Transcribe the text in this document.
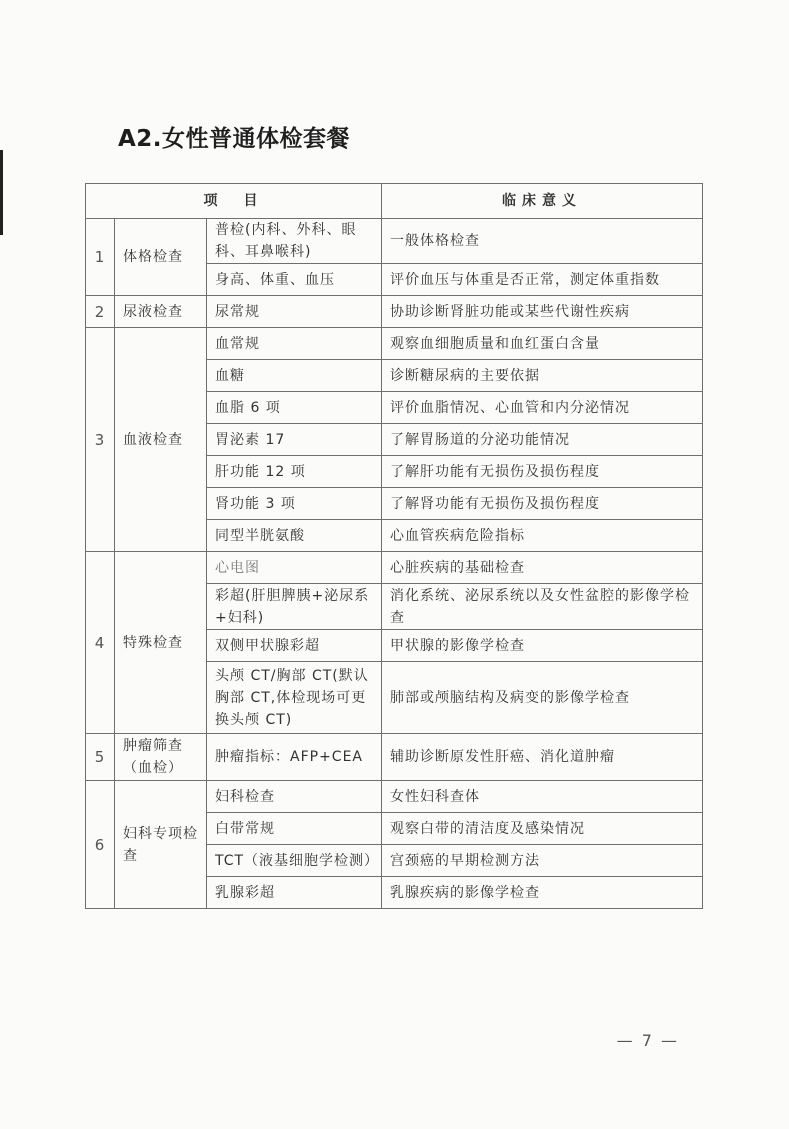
A2.女性普通体检套餐
项　目			临床意义
1	体格检查	普检(内科、外科、眼科、耳鼻喉科)	一般体格检查
		身高、体重、血压	评价血压与体重是否正常，测定体重指数
2	尿液检查	尿常规	协助诊断肾脏功能或某些代谢性疾病
3	血液检查	血常规	观察血细胞质量和血红蛋白含量
		血糖	诊断糖尿病的主要依据
		血脂 6 项	评价血脂情况、心血管和内分泌情况
		胃泌素 17	了解胃肠道的分泌功能情况
		肝功能 12 项	了解肝功能有无损伤及损伤程度
		肾功能 3 项	了解肾功能有无损伤及损伤程度
		同型半胱氨酸	心血管疾病危险指标
4	特殊检查	心电图	心脏疾病的基础检查
		彩超(肝胆脾胰+泌尿系+妇科)	消化系统、泌尿系统以及女性盆腔的影像学检查
		双侧甲状腺彩超	甲状腺的影像学检查
		头颅 CT/胸部 CT(默认胸部 CT,体检现场可更换头颅 CT)	肺部或颅脑结构及病变的影像学检查
5	肿瘤筛查（血检）	肿瘤指标：AFP+CEA	辅助诊断原发性肝癌、消化道肿瘤
6	妇科专项检查	妇科检查	女性妇科查体
		白带常规	观察白带的清洁度及感染情况
		TCT（液基细胞学检测）	宫颈癌的早期检测方法
		乳腺彩超	乳腺疾病的影像学检查
— 7 —
